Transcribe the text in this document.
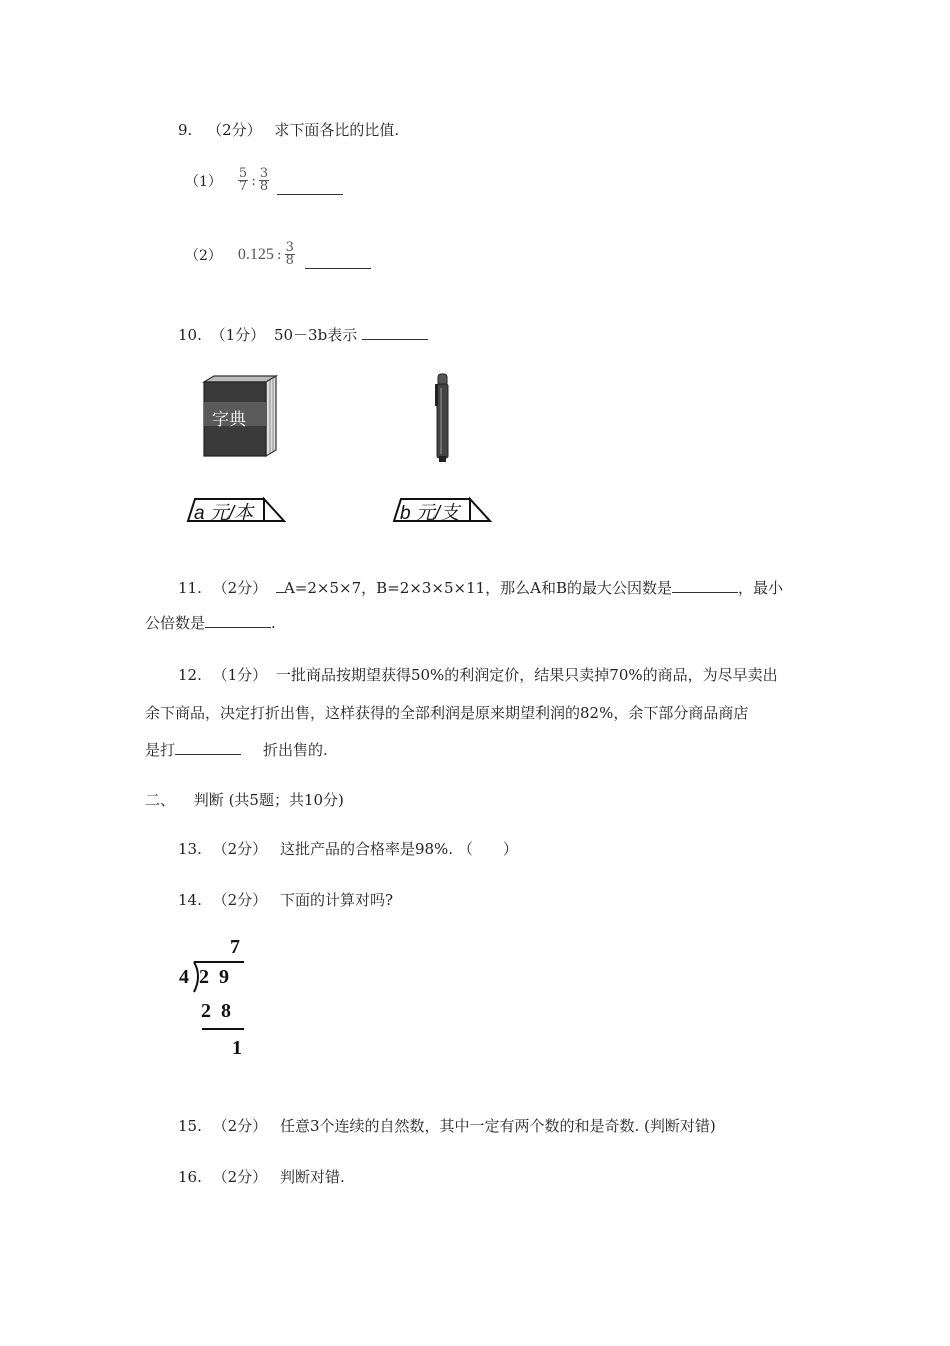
9. （2分） 求下面各比的比值.
$(1) \frac{5}{7}$ : $\frac{3}{8}$
（2） 0.125 : $\frac{3}{8}$
10. （1分） 50－3b表示
字典
a 元/本	b 元/支
11. （2分） A=2×5×7，B=2×3×5×11，那么A和B的最大公因数是	，最小
公倍数是	.
12. （1分） 一批商品按期望获得50%的利润定价，结果只卖掉70%的商品，为尽早卖出
余下商品，决定打折出售，这样获得的全部利润是原来期望利润的82%，余下部分商品商店
是打	折出售的.
二、 判断 (共5题；共10分)
13. （2分） 这批产品的合格率是98%. （　　）
14. （2分） 下面的计算对吗?
7
4 2  9
2  8
1
15. （2分） 任意3个连续的自然数，其中一定有两个数的和是奇数. (判断对错)
16. （2分） 判断对错.
